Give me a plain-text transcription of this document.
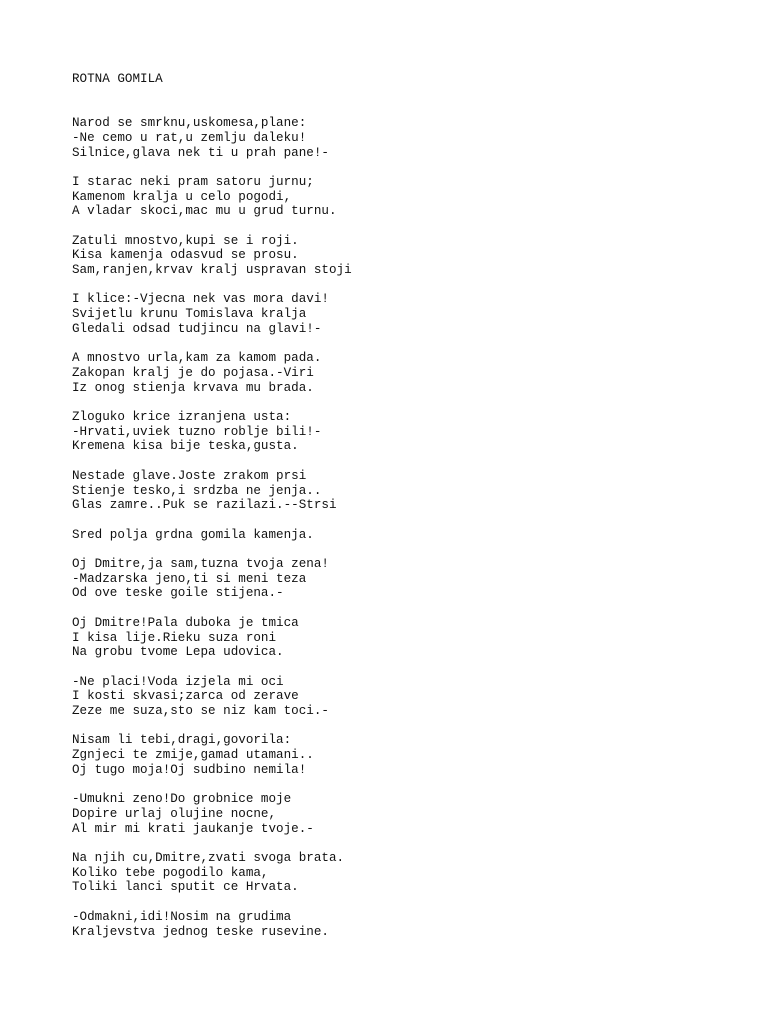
ROTNA GOMILA

Narod se smrknu,uskomesa,plane:
-Ne cemo u rat,u zemlju daleku!
Silnice,glava nek ti u prah pane!-
I starac neki pram satoru jurnu;
Kamenom kralja u celo pogodi,
A vladar skoci,mac mu u grud turnu.
Zatuli mnostvo,kupi se i roji.
Kisa kamenja odasvud se prosu.
Sam,ranjen,krvav kralj uspravan stoji
I klice:-Vjecna nek vas mora davi!
Svijetlu krunu Tomislava kralja
Gledali odsad tudjincu na glavi!-
A mnostvo urla,kam za kamom pada.
Zakopan kralj je do pojasa.-Viri
Iz onog stienja krvava mu brada.
Zloguko krice izranjena usta:
-Hrvati,uviek tuzno roblje bili!-
Kremena kisa bije teska,gusta.
Nestade glave.Joste zrakom prsi
Stienje tesko,i srdzba ne jenja..
Glas zamre..Puk se razilazi.--Strsi
Sred polja grdna gomila kamenja.
Oj Dmitre,ja sam,tuzna tvoja zena!
-Madzarska jeno,ti si meni teza
Od ove teske goile stijena.-
Oj Dmitre!Pala duboka je tmica
I kisa lije.Rieku suza roni
Na grobu tvome Lepa udovica.
-Ne placi!Voda izjela mi oci
I kosti skvasi;zarca od zerave
Zeze me suza,sto se niz kam toci.-
Nisam li tebi,dragi,govorila:
Zgnjeci te zmije,gamad utamani..
Oj tugo moja!Oj sudbino nemila!
-Umukni zeno!Do grobnice moje
Dopire urlaj olujine nocne,
Al mir mi krati jaukanje tvoje.-
Na njih cu,Dmitre,zvati svoga brata.
Koliko tebe pogodilo kama,
Toliki lanci sputit ce Hrvata.
-Odmakni,idi!Nosim na grudima
Kraljevstva jednog teske rusevine.
